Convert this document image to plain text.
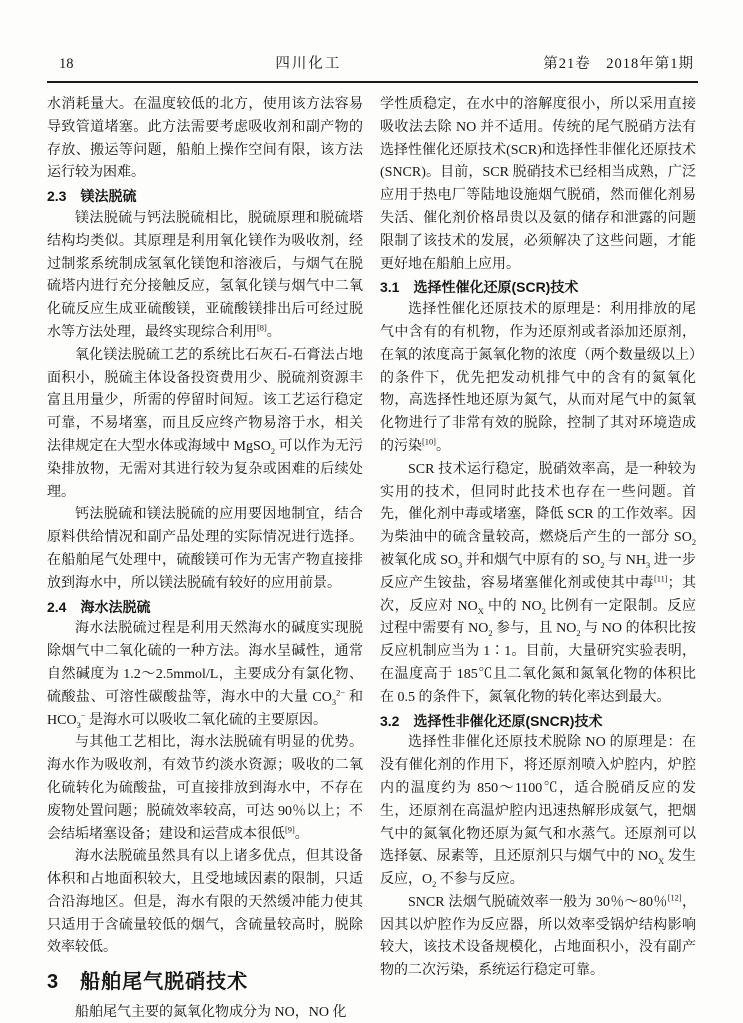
18	四川化工	第21卷　2018年第1期

水消耗量大。在温度较低的北方，使用该方法容易导致管道堵塞。此方法需要考虑吸收剂和副产物的存放、搬运等问题，船舶上操作空间有限，该方法运行较为困难。

2.3　镁法脱硫

镁法脱硫与钙法脱硫相比，脱硫原理和脱硫塔结构均类似。其原理是利用氧化镁作为吸收剂，经过制浆系统制成氢氧化镁饱和溶液后，与烟气在脱硫塔内进行充分接触反应，氢氧化镁与烟气中二氧化硫反应生成亚硫酸镁，亚硫酸镁排出后可经过脱水等方法处理，最终实现综合利用[8]。

氧化镁法脱硫工艺的系统比石灰石-石膏法占地面积小，脱硫主体设备投资费用少、脱硫剂资源丰富且用量少，所需的停留时间短。该工艺运行稳定可靠，不易堵塞，而且反应终产物易溶于水，相关法律规定在大型水体或海域中 MgSO$_2$ 可以作为无污染排放物，无需对其进行较为复杂或困难的后续处理。

钙法脱硫和镁法脱硫的应用要因地制宜，结合原料供给情况和副产品处理的实际情况进行选择。在船舶尾气处理中，硫酸镁可作为无害产物直接排放到海水中，所以镁法脱硫有较好的应用前景。

2.4　海水法脱硫

海水法脱硫过程是利用天然海水的碱度实现脱除烟气中二氧化硫的一种方法。海水呈碱性，通常自然碱度为 1.2～2.5mmol/L，主要成分有氯化物、硫酸盐、可溶性碳酸盐等，海水中的大量 $CO_3^{2-}$ 和 $HCO_3^-$ 是海水可以吸收二氧化硫的主要原因。

与其他工艺相比，海水法脱硫有明显的优势。海水作为吸收剂，有效节约淡水资源；吸收的二氧化硫转化为硫酸盐，可直接排放到海水中，不存在废物处置问题；脱硫效率较高，可达 90％以上；不会结垢堵塞设备；建设和运营成本很低[9]。

海水法脱硫虽然具有以上诸多优点，但其设备体积和占地面积较大，且受地域因素的限制，只适合沿海地区。但是，海水有限的天然缓冲能力使其只适用于含硫量较低的烟气，含硫量较高时，脱除效率较低。

3　船舶尾气脱硝技术

船舶尾气主要的氮氧化物成分为 NO，NO 化

学性质稳定，在水中的溶解度很小，所以采用直接吸收法去除 NO 并不适用。传统的尾气脱硝方法有选择性催化还原技术(SCR)和选择性非催化还原技术(SNCR)。目前，SCR 脱硝技术已经相当成熟，广泛应用于热电厂等陆地设施烟气脱硝，然而催化剂易失活、催化剂价格昂贵以及氨的储存和泄露的问题限制了该技术的发展，必须解决了这些问题，才能更好地在船舶上应用。

3.1　选择性催化还原(SCR)技术

选择性催化还原技术的原理是：利用排放的尾气中含有的有机物，作为还原剂或者添加还原剂，在氧的浓度高于氮氧化物的浓度（两个数量级以上）的条件下，优先把发动机排气中的含有的氮氧化物，高选择性地还原为氮气，从而对尾气中的氮氧化物进行了非常有效的脱除，控制了其对环境造成的污染[10]。

SCR 技术运行稳定，脱硝效率高，是一种较为实用的技术，但同时此技术也存在一些问题。首先，催化剂中毒或堵塞，降低 SCR 的工作效率。因为柴油中的硫含量较高，燃烧后产生的一部分 $SO_2$ 被氧化成 $SO_3$ 并和烟气中原有的 $SO_2$ 与 $NH_3$ 进一步反应产生铵盐，容易堵塞催化剂或使其中毒[11]；其次，反应对 $NO_X$ 中的 $NO_2$ 比例有一定限制。反应过程中需要有 $NO_2$ 参与，且 $NO_2$ 与 NO 的体积比按反应机制应当为 1∶1。目前，大量研究实验表明，在温度高于 185℃且二氧化氮和氮氧化物的体积比在 0.5 的条件下，氮氧化物的转化率达到最大。

3.2　选择性非催化还原(SNCR)技术

选择性非催化还原技术脱除 NO 的原理是：在没有催化剂的作用下，将还原剂喷入炉腔内，炉腔内的温度约为 850～1100℃，适合脱硝反应的发生，还原剂在高温炉腔内迅速热解形成氨气，把烟气中的氮氧化物还原为氮气和水蒸气。还原剂可以选择氨、尿素等，且还原剂只与烟气中的 $NO_X$ 发生反应，$O_2$ 不参与反应。

SNCR 法烟气脱硫效率一般为 30％～80％[12]，因其以炉腔作为反应器，所以效率受锅炉结构影响较大，该技术设备规模化，占地面积小，没有副产物的二次污染，系统运行稳定可靠。
